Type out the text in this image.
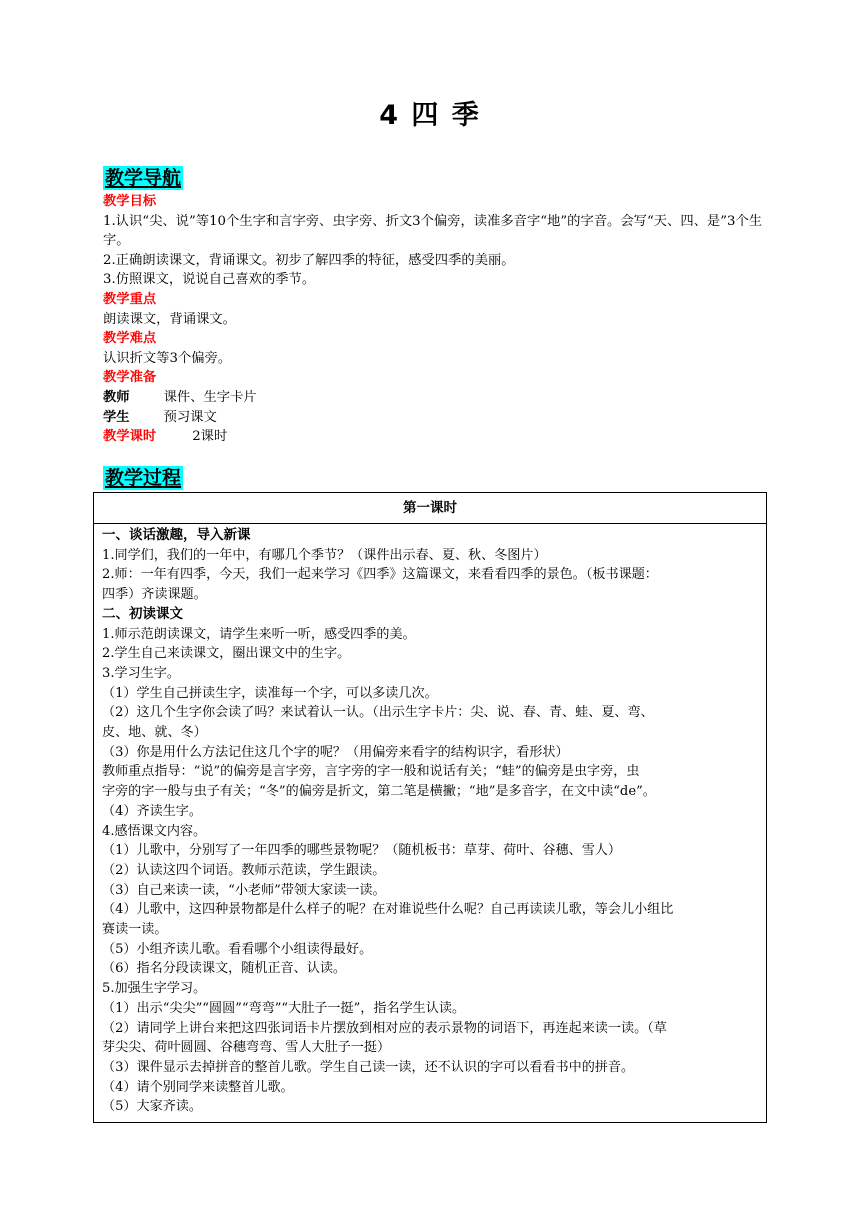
4 四 季
教学导航
教学目标
1.认识“尖、说”等10个生字和言字旁、虫字旁、折文3个偏旁，读准多音字“地”的字音。会写“天、四、是”3个生字。
2.正确朗读课文，背诵课文。初步了解四季的特征，感受四季的美丽。
3.仿照课文，说说自己喜欢的季节。
教学重点
朗读课文，背诵课文。
教学难点
认识折文等3个偏旁。
教学准备
教师	课件、生字卡片
学生	预习课文
教学课时	2课时
教学过程
第一课时
一、谈话激趣，导入新课
1.同学们，我们的一年中，有哪几个季节？（课件出示春、夏、秋、冬图片）
2.师：一年有四季，今天，我们一起来学习《四季》这篇课文，来看看四季的景色。（板书课题：
四季）齐读课题。
二、初读课文
1.师示范朗读课文，请学生来听一听，感受四季的美。
2.学生自己来读课文，圈出课文中的生字。
3.学习生字。
（1）学生自己拼读生字，读准每一个字，可以多读几次。
（2）这几个生字你会读了吗？来试着认一认。（出示生字卡片：尖、说、春、青、蛙、夏、弯、
皮、地、就、冬）
（3）你是用什么方法记住这几个字的呢？（用偏旁来看字的结构识字，看形状）
教师重点指导：“说”的偏旁是言字旁，言字旁的字一般和说话有关；“蛙”的偏旁是虫字旁，虫
字旁的字一般与虫子有关；“冬”的偏旁是折文，第二笔是横撇；“地”是多音字，在文中读“de”。
（4）齐读生字。
4.感悟课文内容。
（1）儿歌中，分别写了一年四季的哪些景物呢？（随机板书：草芽、荷叶、谷穗、雪人）
（2）认读这四个词语。教师示范读，学生跟读。
（3）自己来读一读，“小老师”带领大家读一读。
（4）儿歌中，这四种景物都是什么样子的呢？在对谁说些什么呢？自己再读读儿歌，等会儿小组比
赛读一读。
（5）小组齐读儿歌。看看哪个小组读得最好。
（6）指名分段读课文，随机正音、认读。
5.加强生字学习。
（1）出示“尖尖”“圆圆”“弯弯”“大肚子一挺”，指名学生认读。
（2）请同学上讲台来把这四张词语卡片摆放到相对应的表示景物的词语下，再连起来读一读。（草
芽尖尖、荷叶圆圆、谷穗弯弯、雪人大肚子一挺）
（3）课件显示去掉拼音的整首儿歌。学生自己读一读，还不认识的字可以看看书中的拼音。
（4）请个别同学来读整首儿歌。
（5）大家齐读。
